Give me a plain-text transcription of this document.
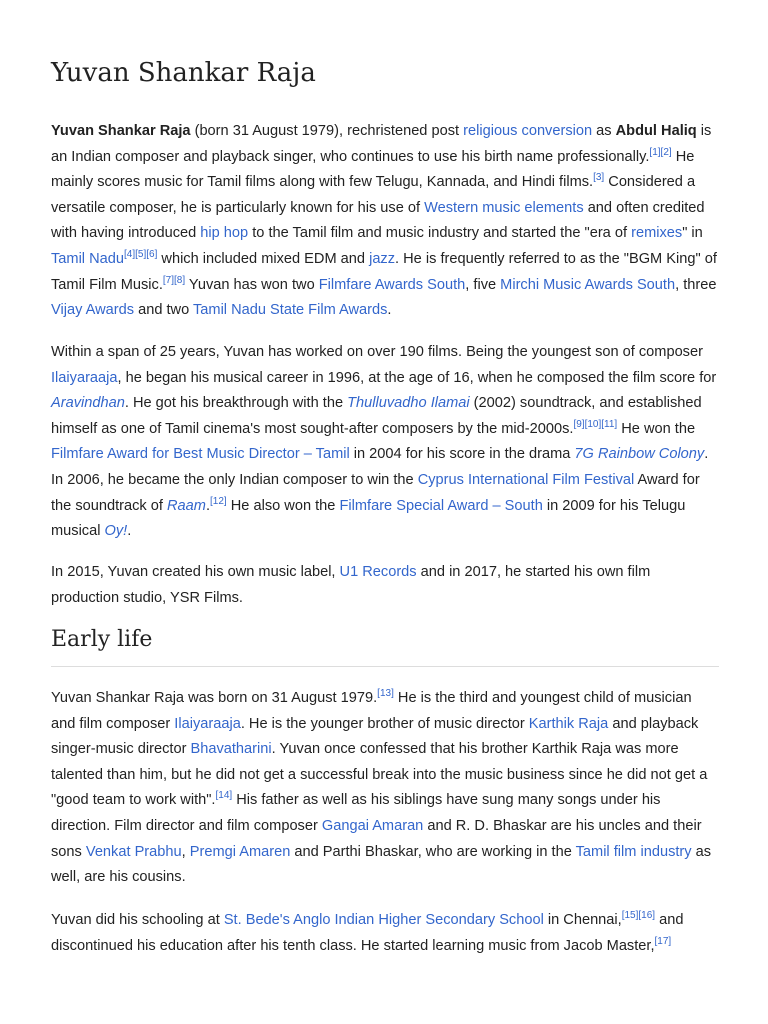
Yuvan Shankar Raja

Yuvan Shankar Raja (born 31 August 1979), rechristened post religious conversion as Abdul Haliq is an Indian composer and playback singer, who continues to use his birth name professionally.[1][2] He mainly scores music for Tamil films along with few Telugu, Kannada, and Hindi films.[3] Considered a versatile composer, he is particularly known for his use of Western music elements and often credited with having introduced hip hop to the Tamil film and music industry and started the "era of remixes" in Tamil Nadu[4][5][6] which included mixed EDM and jazz. He is frequently referred to as the "BGM King" of Tamil Film Music.[7][8] Yuvan has won two Filmfare Awards South, five Mirchi Music Awards South, three Vijay Awards and two Tamil Nadu State Film Awards.

Within a span of 25 years, Yuvan has worked on over 190 films. Being the youngest son of composer Ilaiyaraaja, he began his musical career in 1996, at the age of 16, when he composed the film score for Aravindhan. He got his breakthrough with the Thulluvadho Ilamai (2002) soundtrack, and established himself as one of Tamil cinema's most sought-after composers by the mid-2000s.[9][10][11] He won the Filmfare Award for Best Music Director – Tamil in 2004 for his score in the drama 7G Rainbow Colony. In 2006, he became the only Indian composer to win the Cyprus International Film Festival Award for the soundtrack of Raam.[12] He also won the Filmfare Special Award – South in 2009 for his Telugu musical Oy!.

In 2015, Yuvan created his own music label, U1 Records and in 2017, he started his own film production studio, YSR Films.

Early life

Yuvan Shankar Raja was born on 31 August 1979.[13] He is the third and youngest child of musician and film composer Ilaiyaraaja. He is the younger brother of music director Karthik Raja and playback singer-music director Bhavatharini. Yuvan once confessed that his brother Karthik Raja was more talented than him, but he did not get a successful break into the music business since he did not get a "good team to work with".[14] His father as well as his siblings have sung many songs under his direction. Film director and film composer Gangai Amaran and R. D. Bhaskar are his uncles and their sons Venkat Prabhu, Premgi Amaren and Parthi Bhaskar, who are working in the Tamil film industry as well, are his cousins.

Yuvan did his schooling at St. Bede's Anglo Indian Higher Secondary School in Chennai,[15][16] and discontinued his education after his tenth class. He started learning music from Jacob Master,[17]
